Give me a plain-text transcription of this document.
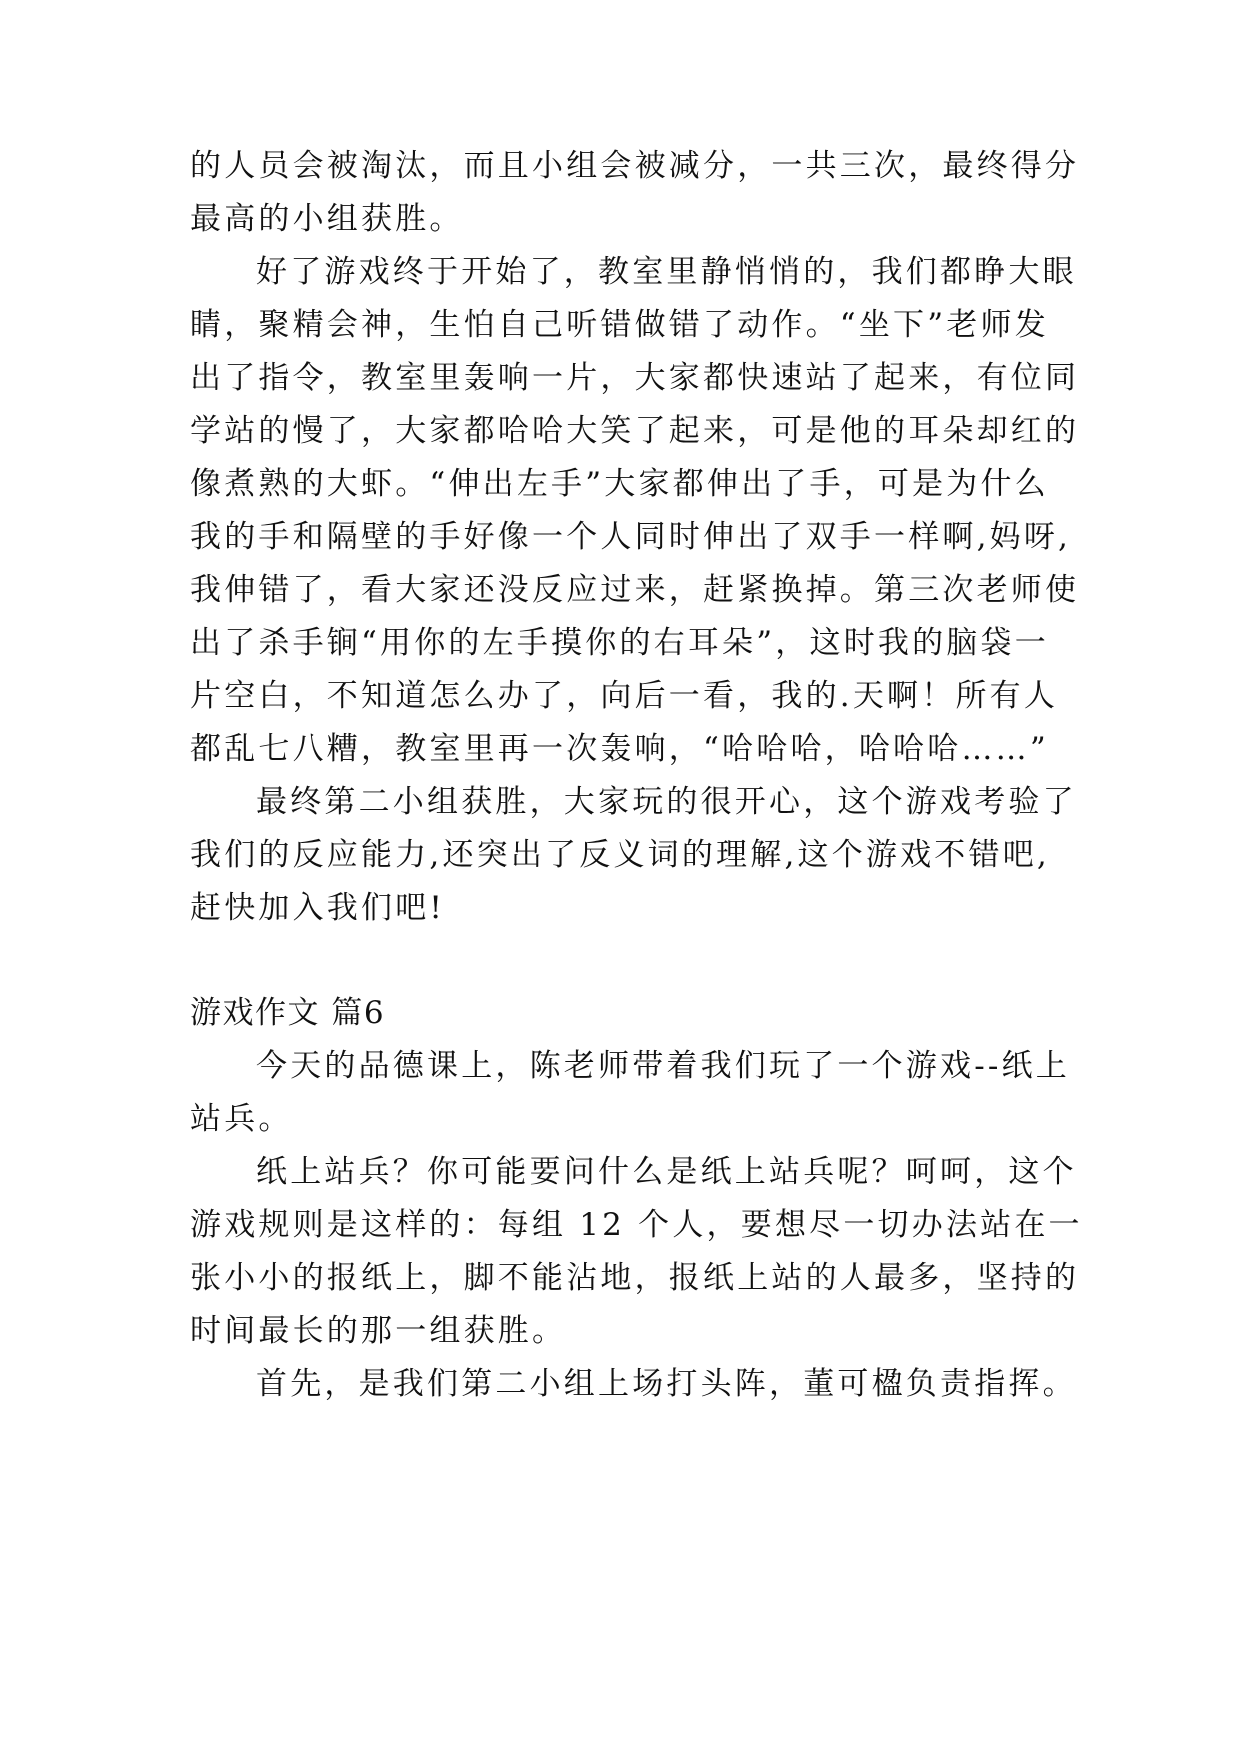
的人员会被淘汰，而且小组会被减分，一共三次，最终得分

最高的小组获胜。

好了游戏终于开始了，教室里静悄悄的，我们都睁大眼

睛，聚精会神，生怕自己听错做错了动作。“坐下”老师发

出了指令，教室里轰响一片，大家都快速站了起来，有位同

学站的慢了，大家都哈哈大笑了起来，可是他的耳朵却红的

像煮熟的大虾。“伸出左手”大家都伸出了手，可是为什么

我的手和隔壁的手好像一个人同时伸出了双手一样啊,妈呀,

我伸错了，看大家还没反应过来，赶紧换掉。第三次老师使

出了杀手锏“用你的左手摸你的右耳朵”，这时我的脑袋一

片空白，不知道怎么办了，向后一看，我的.天啊！所有人

都乱七八糟，教室里再一次轰响，“哈哈哈，哈哈哈……”

最终第二小组获胜，大家玩的很开心，这个游戏考验了

我们的反应能力,还突出了反义词的理解,这个游戏不错吧,

赶快加入我们吧!

游戏作文 篇6

今天的品德课上，陈老师带着我们玩了一个游戏--纸上

站兵。

纸上站兵？你可能要问什么是纸上站兵呢？呵呵，这个

游戏规则是这样的：每组 12 个人，要想尽一切办法站在一

张小小的报纸上，脚不能沾地，报纸上站的人最多，坚持的

时间最长的那一组获胜。

首先，是我们第二小组上场打头阵，董可楹负责指挥。
